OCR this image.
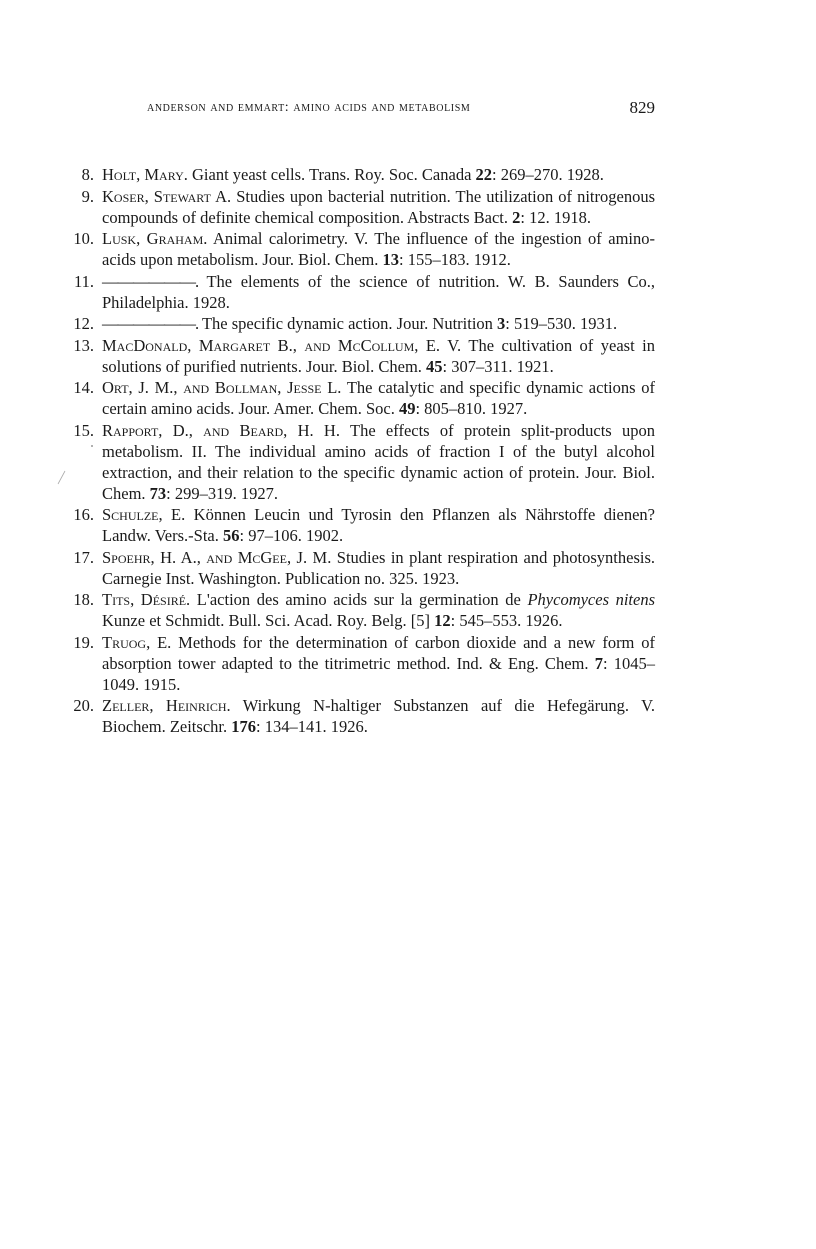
anderson and emmart: amino acids and metabolism	829
8. Holt, Mary. Giant yeast cells. Trans. Roy. Soc. Canada 22: 269–270. 1928.
9. Koser, Stewart A. Studies upon bacterial nutrition. The utilization of nitrogenous compounds of definite chemical composition. Abstracts Bact. 2: 12. 1918.
10. Lusk, Graham. Animal calorimetry. V. The influence of the ingestion of amino-acids upon metabolism. Jour. Biol. Chem. 13: 155–183. 1912.
11. ——————. The elements of the science of nutrition. W. B. Saunders Co., Philadelphia. 1928.
12. ——————. The specific dynamic action. Jour. Nutrition 3: 519–530. 1931.
13. MacDonald, Margaret B., and McCollum, E. V. The cultivation of yeast in solutions of purified nutrients. Jour. Biol. Chem. 45: 307–311. 1921.
14. Ort, J. M., and Bollman, Jesse L. The catalytic and specific dynamic actions of certain amino acids. Jour. Amer. Chem. Soc. 49: 805–810. 1927.
15. Rapport, D., and Beard, H. H. The effects of protein split-products upon metabolism. II. The individual amino acids of fraction I of the butyl alcohol extraction, and their relation to the specific dynamic action of protein. Jour. Biol. Chem. 73: 299–319. 1927.
16. Schulze, E. Können Leucin und Tyrosin den Pflanzen als Nährstoffe dienen? Landw. Vers.-Sta. 56: 97–106. 1902.
17. Spoehr, H. A., and McGee, J. M. Studies in plant respiration and photosynthesis. Carnegie Inst. Washington. Publication no. 325. 1923.
18. Tits, Désiré. L'action des amino acids sur la germination de Phycomyces nitens Kunze et Schmidt. Bull. Sci. Acad. Roy. Belg. [5] 12: 545–553. 1926.
19. Truog, E. Methods for the determination of carbon dioxide and a new form of absorption tower adapted to the titrimetric method. Ind. & Eng. Chem. 7: 1045–1049. 1915.
20. Zeller, Heinrich. Wirkung N-haltiger Substanzen auf die Hefegärung. V. Biochem. Zeitschr. 176: 134–141. 1926.
